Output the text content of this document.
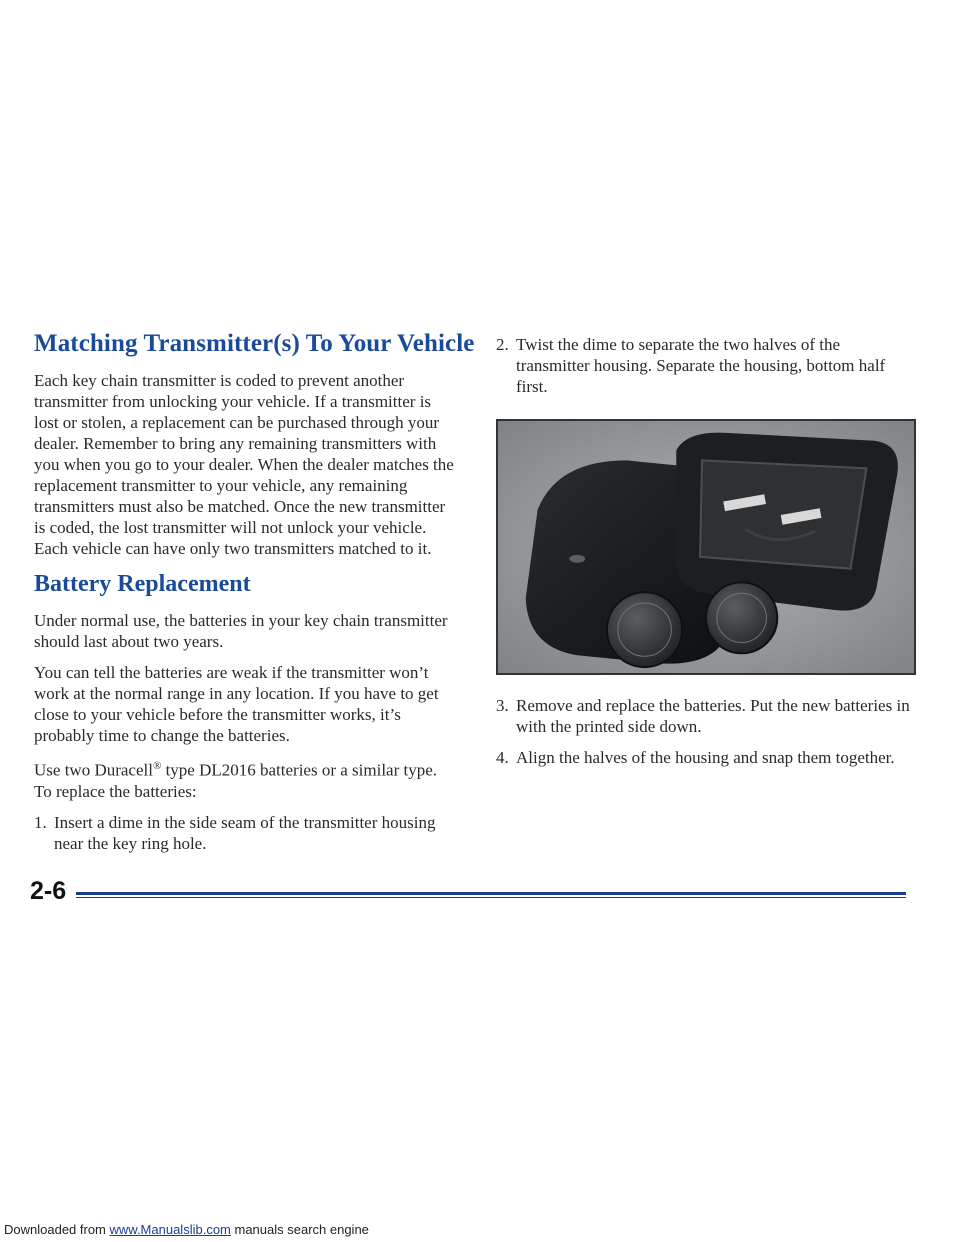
Matching Transmitter(s) To Your Vehicle

Each key chain transmitter is coded to prevent another transmitter from unlocking your vehicle. If a transmitter is lost or stolen, a replacement can be purchased through your dealer. Remember to bring any remaining transmitters with you when you go to your dealer. When the dealer matches the replacement transmitter to your vehicle, any remaining transmitters must also be matched. Once the new transmitter is coded, the lost transmitter will not unlock your vehicle. Each vehicle can have only two transmitters matched to it.

Battery Replacement

Under normal use, the batteries in your key chain transmitter should last about two years.

You can tell the batteries are weak if the transmitter won’t work at the normal range in any location. If you have to get close to your vehicle before the transmitter works, it’s probably time to change the batteries.

Use two Duracell® type DL2016 batteries or a similar type. To replace the batteries:

1. Insert a dime in the side seam of the transmitter housing near the key ring hole.
2. Twist the dime to separate the two halves of the transmitter housing. Separate the housing, bottom half first.
3. Remove and replace the batteries. Put the new batteries in with the printed side down.
4. Align the halves of the housing and snap them together.
2-6
Downloaded from www.Manualslib.com manuals search engine
